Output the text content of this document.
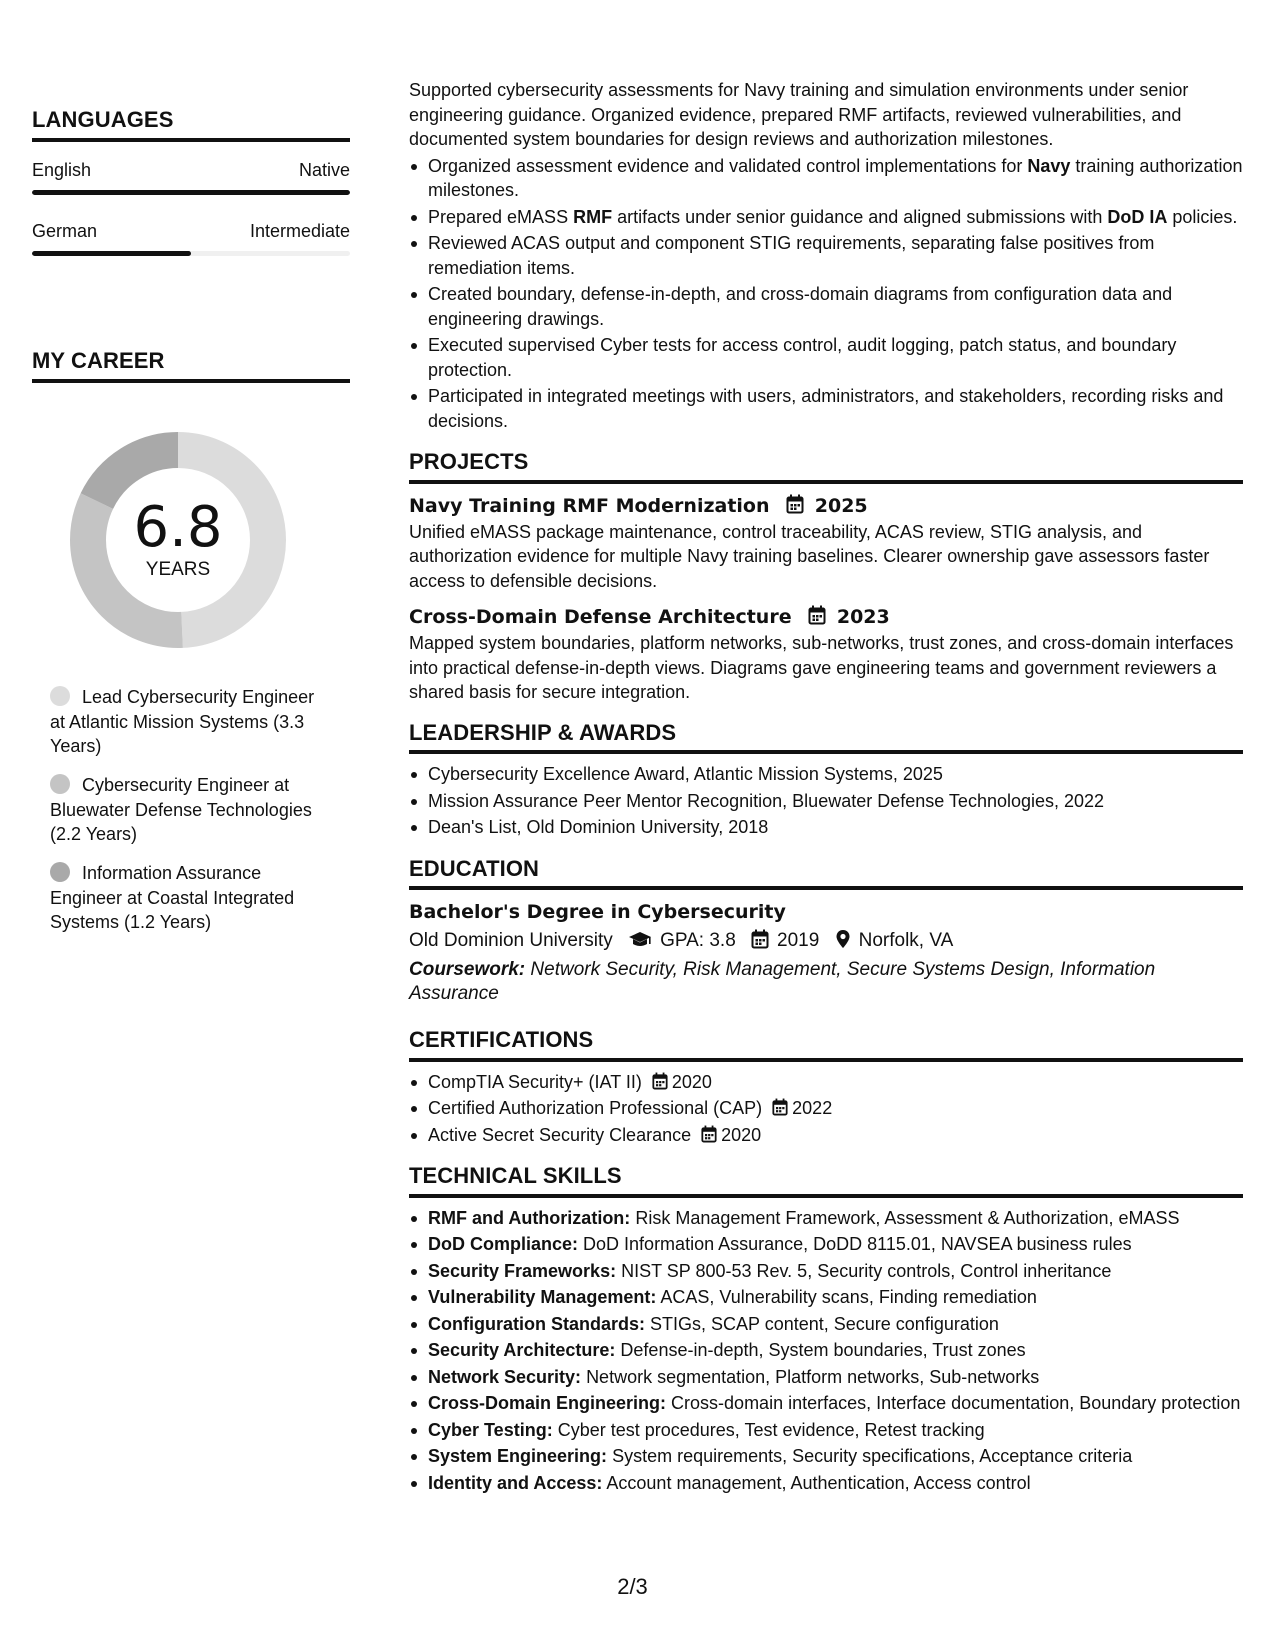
LANGUAGES
English	Native
German	Intermediate
MY CAREER
6.8
YEARS
Lead Cybersecurity Engineer at Atlantic Mission Systems (3.3 Years)
Cybersecurity Engineer at Bluewater Defense Technologies (2.2 Years)
Information Assurance Engineer at Coastal Integrated Systems (1.2 Years)

Supported cybersecurity assessments for Navy training and simulation environments under senior engineering guidance. Organized evidence, prepared RMF artifacts, reviewed vulnerabilities, and documented system boundaries for design reviews and authorization milestones.

Organized assessment evidence and validated control implementations for Navy training authorization milestones.
Prepared eMASS RMF artifacts under senior guidance and aligned submissions with DoD IA policies.
Reviewed ACAS output and component STIG requirements, separating false positives from remediation items.
Created boundary, defense-in-depth, and cross-domain diagrams from configuration data and engineering drawings.
Executed supervised Cyber tests for access control, audit logging, patch status, and boundary protection.
Participated in integrated meetings with users, administrators, and stakeholders, recording risks and decisions.
PROJECTS
Navy Training RMF Modernization 2025

Unified eMASS package maintenance, control traceability, ACAS review, STIG analysis, and authorization evidence for multiple Navy training baselines. Clearer ownership gave assessors faster access to defensible decisions.

Cross-Domain Defense Architecture 2023

Mapped system boundaries, platform networks, sub-networks, trust zones, and cross-domain interfaces into practical defense-in-depth views. Diagrams gave engineering teams and government reviewers a shared basis for secure integration.

LEADERSHIP & AWARDS
Cybersecurity Excellence Award, Atlantic Mission Systems, 2025
Mission Assurance Peer Mentor Recognition, Bluewater Defense Technologies, 2022
Dean's List, Old Dominion University, 2018
EDUCATION
Bachelor's Degree in Cybersecurity
Old Dominion University GPA: 3.8 2019 Norfolk, VA
Coursework: Network Security, Risk Management, Secure Systems Design, Information Assurance
CERTIFICATIONS
CompTIA Security+ (IAT II) 2020
Certified Authorization Professional (CAP) 2022
Active Secret Security Clearance 2020
TECHNICAL SKILLS
RMF and Authorization: Risk Management Framework, Assessment & Authorization, eMASS
DoD Compliance: DoD Information Assurance, DoDD 8115.01, NAVSEA business rules
Security Frameworks: NIST SP 800-53 Rev. 5, Security controls, Control inheritance
Vulnerability Management: ACAS, Vulnerability scans, Finding remediation
Configuration Standards: STIGs, SCAP content, Secure configuration
Security Architecture: Defense-in-depth, System boundaries, Trust zones
Network Security: Network segmentation, Platform networks, Sub-networks
Cross-Domain Engineering: Cross-domain interfaces, Interface documentation, Boundary protection
Cyber Testing: Cyber test procedures, Test evidence, Retest tracking
System Engineering: System requirements, Security specifications, Acceptance criteria
Identity and Access: Account management, Authentication, Access control
2/3
